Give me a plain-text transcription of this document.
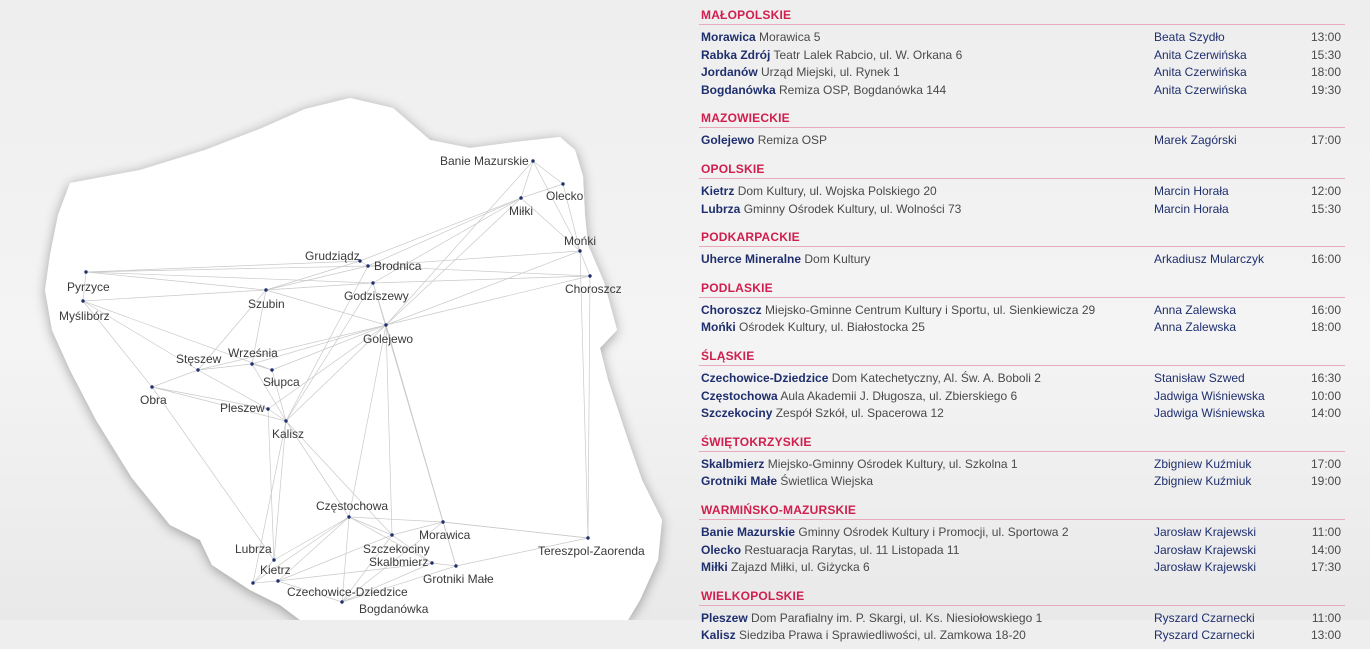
Banie Mazurskie
Olecko
Miłki
Mońki
Choroszcz
Grudziądz
Brodnica
Godziszewy
Szubin
Golejewo
Pyrzyce
Myślibórz
Stęszew Września
Słupca
Obra
Pleszew
Kalisz
Częstochowa
Morawica
Szczekociny
Skalbmierz
Grotniki Małe
Tereszpol-Zaorenda
Lubrza
Kietrz
Czechowice-Dziedzice
Bogdanówka
MAŁOPOLSKIE
Morawica Morawica 5	Beata Szydło	13:00
Rabka Zdrój Teatr Lalek Rabcio, ul. W. Orkana 6	Anita Czerwińska	15:30
Jordanów Urząd Miejski, ul. Rynek 1	Anita Czerwińska	18:00
Bogdanówka Remiza OSP, Bogdanówka 144	Anita Czerwińska	19:30
MAZOWIECKIE
Golejewo Remiza OSP	Marek Zagórski	17:00
OPOLSKIE
Kietrz Dom Kultury, ul. Wojska Polskiego 20	Marcin Horała	12:00
Lubrza Gminny Ośrodek Kultury, ul. Wolności 73	Marcin Horała	15:30
PODKARPACKIE
Uherce Mineralne Dom Kultury	Arkadiusz Mularczyk	16:00
PODLASKIE
Choroszcz Miejsko-Gminne Centrum Kultury i Sportu, ul. Sienkiewicza 29	Anna Zalewska	16:00
Mońki Ośrodek Kultury, ul. Białostocka 25	Anna Zalewska	18:00
ŚLĄSKIE
Czechowice-Dziedzice Dom Katechetyczny, Al. Św. A. Boboli 2	Stanisław Szwed	16:30
Częstochowa Aula Akademii J. Długosza, ul. Zbierskiego 6	Jadwiga Wiśniewska	10:00
Szczekociny Zespół Szkół, ul. Spacerowa 12	Jadwiga Wiśniewska	14:00
ŚWIĘTOKRZYSKIE
Skalbmierz Miejsko-Gminny Ośrodek Kultury, ul. Szkolna 1	Zbigniew Kuźmiuk	17:00
Grotniki Małe Świetlica Wiejska	Zbigniew Kuźmiuk	19:00
WARMIŃSKO-MAZURSKIE
Banie Mazurskie Gminny Ośrodek Kultury i Promocji, ul. Sportowa 2	Jarosław Krajewski	11:00
Olecko Restuaracja Rarytas, ul. 11 Listopada 11	Jarosław Krajewski	14:00
Miłki Zajazd Miłki, ul. Giżycka 6	Jarosław Krajewski	17:30
WIELKOPOLSKIE
Pleszew Dom Parafialny im. P. Skargi, ul. Ks. Niesiołowskiego 1	Ryszard Czarnecki	11:00
Kalisz Siedziba Prawa i Sprawiedliwości, ul. Zamkowa 18-20	Ryszard Czarnecki	13:00
